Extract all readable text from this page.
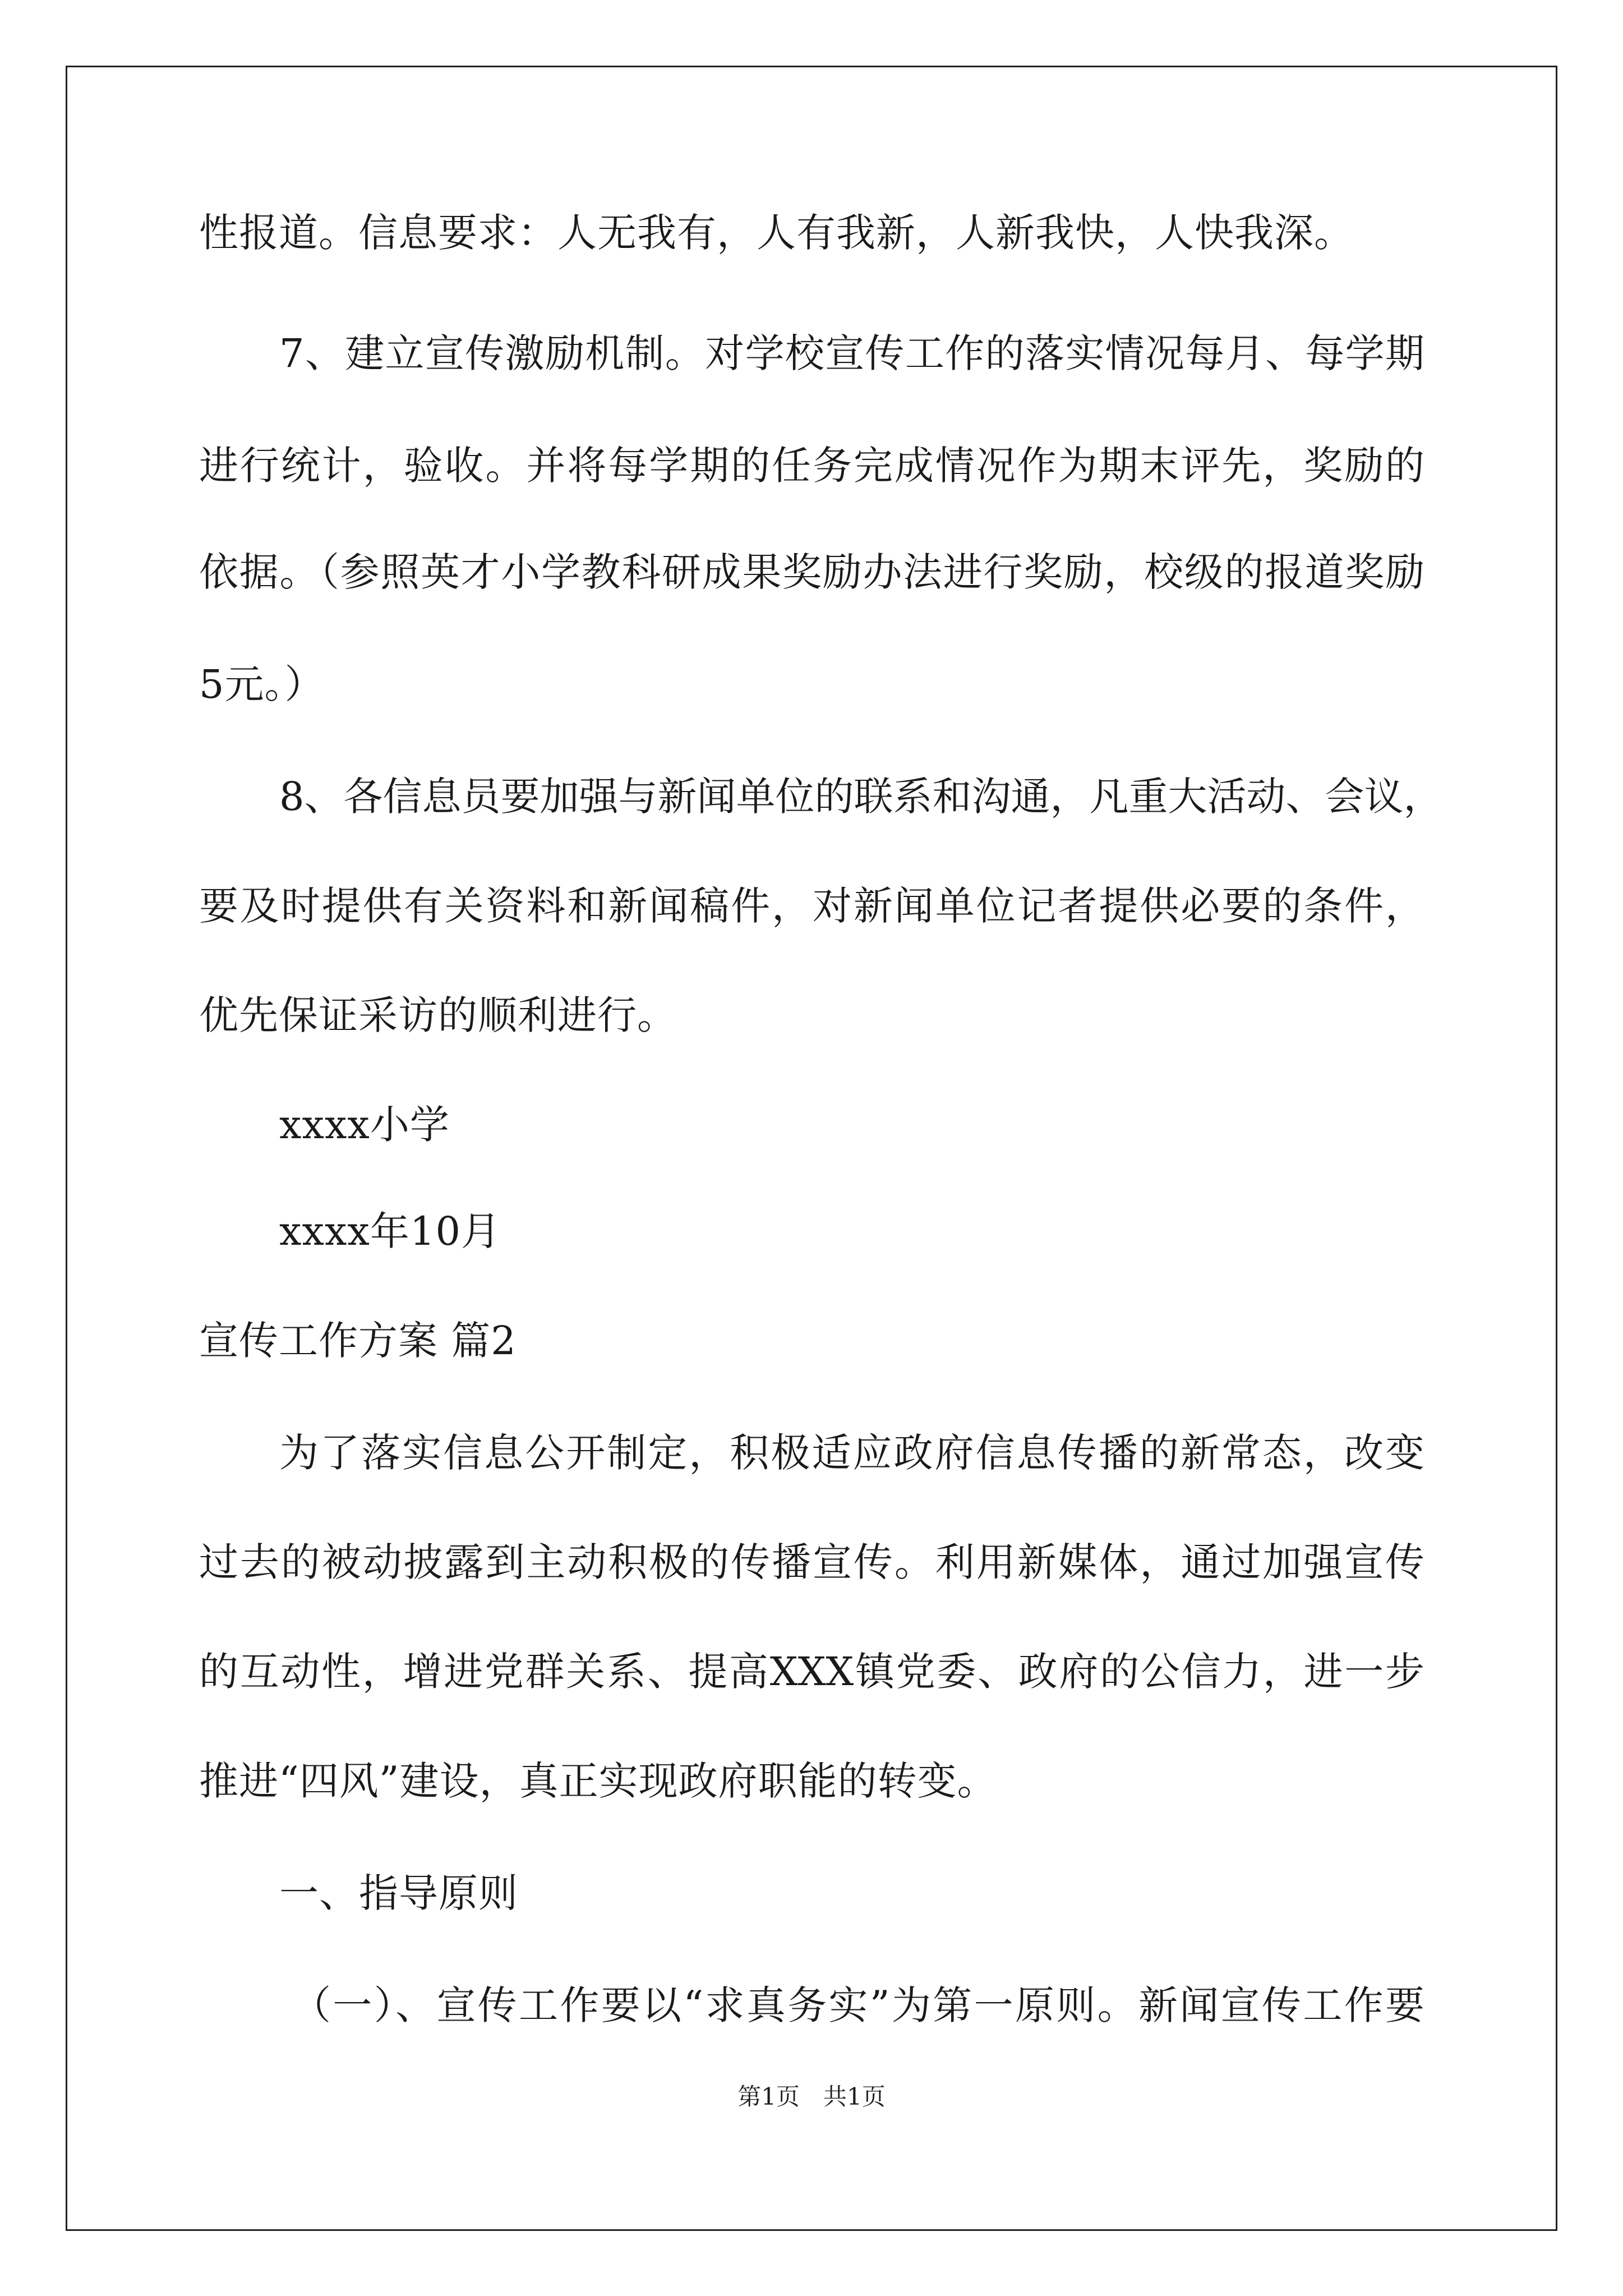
性报道。信息要求：人无我有，人有我新，人新我快，人快我深。
7、建立宣传激励机制。对学校宣传工作的落实情况每月、每学期
进行统计，验收。并将每学期的任务完成情况作为期末评先，奖励的
依据。（参照英才小学教科研成果奖励办法进行奖励，校级的报道奖励
5元。）
8、各信息员要加强与新闻单位的联系和沟通，凡重大活动、会议，
要及时提供有关资料和新闻稿件，对新闻单位记者提供必要的条件，
优先保证采访的顺利进行。
xxxx小学
xxxx年10月
宣传工作方案 篇2
为了落实信息公开制定，积极适应政府信息传播的新常态，改变
过去的被动披露到主动积极的传播宣传。利用新媒体，通过加强宣传
的互动性，增进党群关系、提高XXX镇党委、政府的公信力，进一步
推进“四风”建设，真正实现政府职能的转变。
一、指导原则
（一）、宣传工作要以“求真务实”为第一原则。新闻宣传工作要
第1页　共1页
